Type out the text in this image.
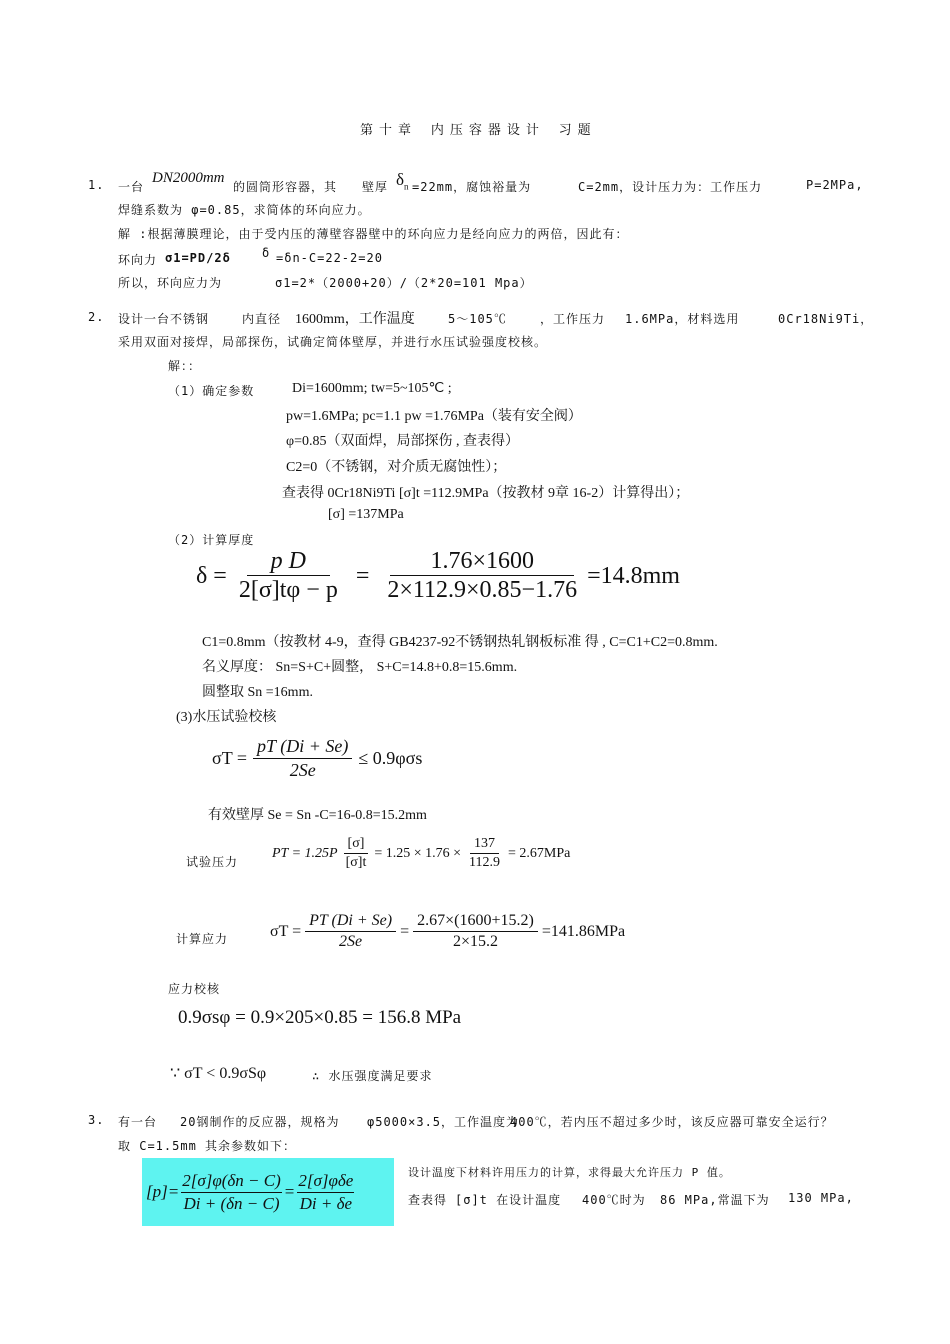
第十章 内压容器设计 习题
1. 一台
DN2000mm
的圆筒形容器，其 壁厚 $\delta_n =22mm$，腐蚀裕量为	C=2mm，设计压力为：工作压力	P=2MPa,
焊缝系数为 φ=0.85，求简体的环向应力。
解 :根据薄膜理论，由于受内压的薄壁容器壁中的环向应力是经向应力的两倍，因此有：
环向力 σ1=PD/2δ	δ =δn-C=22-2=20
所以，环向应力为	σ1=2*（2000+20）/（2*20=101 Mpa）
2. 设计一台不锈钢	内直径 1600mm，工作温度	5～105℃	，工作压力 1.6MPa，材料选用	0Cr18Ni9Ti，
采用双面对接焊，局部探伤，试确定简体壁厚，并进行水压试验强度校核。
解：：
（1）确定参数	Di=1600mm; tw=5~105℃ ;
pw=1.6MPa; pc=1.1 pw =1.76MPa（装有安全阀）
φ=0.85（双面焊，局部探伤 , 查表得）
C2=0（不锈钢，对介质无腐蚀性）；
查表得 0Cr18Ni9Ti [σ]t =112.9MPa（按教材 9章 16-2）计算得出）；
[σ] =137MPa
（2）计算厚度
$\delta = \frac{\text{p D}}{2[\sigma]t\varphi - p} = \frac{1.76\times 1600}{2\times 112.9\times 0.85-1.76} =14.8mm$
C1=0.8mm（按教材 4-9，查得 GB4237-92不锈钢热轧钢板标准 得 , C=C1+C2=0.8mm.
名义厚度： Sn=S+C+圆整， S+C=14.8+0.8=15.6mm.
圆整取 Sn =16mm.
(3)水压试验校核
$\sigma T = \frac{pT (Di + Se)}{2Se} \le 0.9\varphi\sigma s$
有效壁厚 Se = Sn -C=16-0.8=15.2mm
试验压力
PT = $1.25P \frac{[\sigma]}{[\sigma]t} = 1.25 \times 1.76 \times \frac{137}{112.9} = 2.67MPa$
计算应力	$\sigma T = \frac{PT (Di + Se)}{2Se} = \frac{2.67\times(1600+15.2)}{2\times 15.2} =141.86MPa$
应力校核
0.9σsφ = 0.9×205×0.85 = 156.8 MPa
∵ σT < 0.9σSφ	∴ 水压强度满足要求
3. 有一台 20钢制作的反应器，规格为 φ5000×3.5，工作温度为
400℃，若内压不超过多少时，该反应器可靠安全运行？
取 C=1.5mm 其余参数如下：
$[p]= \frac{2[\sigma]\varphi(\delta n - C)}{Di + (\delta n - C)} = \frac{\text{2[σ]φδe}}{Di + \delta e}$	设计温度下材料许用压力的计算，求得最大允许压力 P 值。
查表得 [σ]t 在设计温度 400℃时为 86 MPa,常温下为 130 MPa,
